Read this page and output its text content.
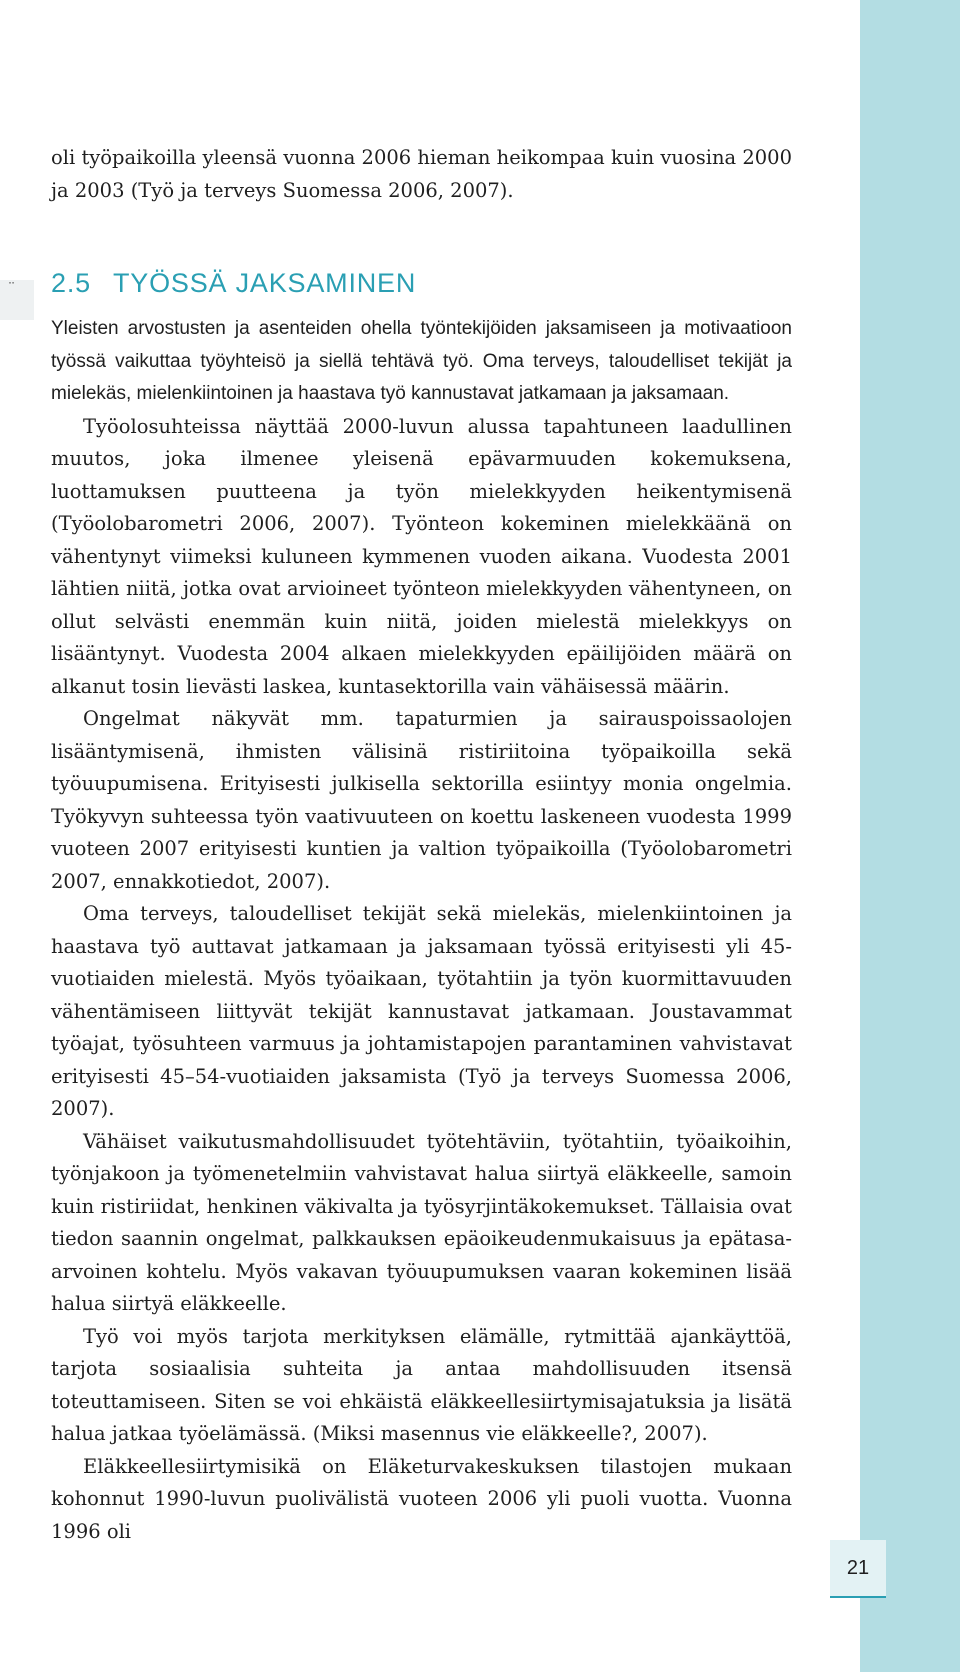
¨

oli työpaikoilla yleensä vuonna 2006 hieman heikompaa kuin vuosina 2000 ja 2003 (Työ ja terveys Suomessa 2006, 2007).

2.5 TYÖSSÄ JAKSAMINEN

Yleisten arvostusten ja asenteiden ohella työntekijöiden jaksamiseen ja motivaatioon työssä vaikuttaa työyhteisö ja siellä tehtävä työ. Oma terveys, taloudelliset tekijät ja mielekäs, mielenkiintoinen ja haastava työ kannustavat jatkamaan ja jaksamaan.

Työolosuhteissa näyttää 2000-luvun alussa tapahtuneen laadullinen muutos, joka ilmenee yleisenä epävarmuuden kokemuksena, luottamuksen puutteena ja työn mielekkyyden heikentymisenä (Työolobarometri 2006, 2007). Työnteon kokeminen mielekkäänä on vähentynyt viimeksi kuluneen kymmenen vuoden aikana. Vuodesta 2001 lähtien niitä, jotka ovat arvioineet työnteon mielekkyyden vähentyneen, on ollut selvästi enemmän kuin niitä, joiden mielestä mielekkyys on lisääntynyt. Vuodesta 2004 alkaen mielekkyyden epäilijöiden määrä on alkanut tosin lievästi laskea, kuntasektorilla vain vähäisessä määrin.

Ongelmat näkyvät mm. tapaturmien ja sairauspoissaolojen lisääntymisenä, ihmisten välisinä ristiriitoina työpaikoilla sekä työuupumisena. Erityisesti julkisella sektorilla esiintyy monia ongelmia. Työkyvyn suhteessa työn vaativuuteen on koettu laskeneen vuodesta 1999 vuoteen 2007 erityisesti kuntien ja valtion työpaikoilla (Työolobarometri 2007, ennakkotiedot, 2007).

Oma terveys, taloudelliset tekijät sekä mielekäs, mielenkiintoinen ja haastava työ auttavat jatkamaan ja jaksamaan työssä erityisesti yli 45-vuotiaiden mielestä. Myös työaikaan, työtahtiin ja työn kuormittavuuden vähentämiseen liittyvät tekijät kannustavat jatkamaan. Joustavammat työajat, työsuhteen varmuus ja johtamistapojen parantaminen vahvistavat erityisesti 45–54-vuotiaiden jaksamista (Työ ja terveys Suomessa 2006, 2007).

Vähäiset vaikutusmahdollisuudet työtehtäviin, työtahtiin, työaikoihin, työnjakoon ja työmenetelmiin vahvistavat halua siirtyä eläkkeelle, samoin kuin ristiriidat, henkinen väkivalta ja työsyrjintäkokemukset. Tällaisia ovat tiedon saannin ongelmat, palkkauksen epäoikeudenmukaisuus ja epätasa-arvoinen kohtelu. Myös vakavan työuupumuksen vaaran kokeminen lisää halua siirtyä eläkkeelle.

Työ voi myös tarjota merkityksen elämälle, rytmittää ajankäyttöä, tarjota sosiaalisia suhteita ja antaa mahdollisuuden itsensä toteuttamiseen. Siten se voi ehkäistä eläkkeellesiirtymisajatuksia ja lisätä halua jatkaa työelämässä. (Miksi masennus vie eläkkeelle?, 2007).

Eläkkeellesiirtymisikä on Eläketurvakeskuksen tilastojen mukaan kohonnut 1990-luvun puolivälistä vuoteen 2006 yli puoli vuotta. Vuonna 1996 oli

21
